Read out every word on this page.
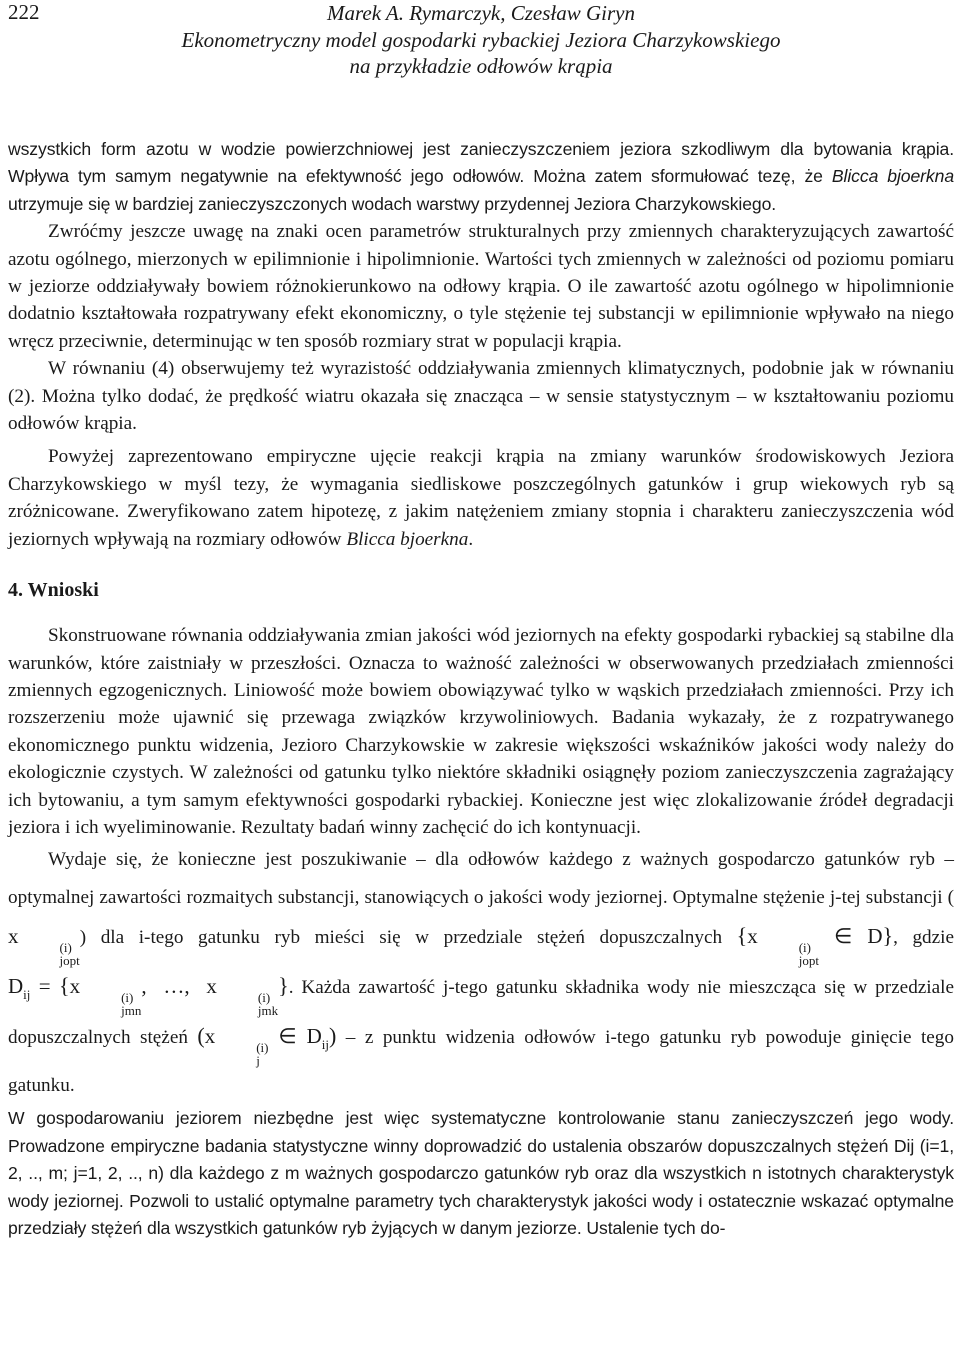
222	Marek A. Rymarczyk, Czesław Giryn
Ekonometryczny model gospodarki rybackiej Jeziora Charzykowskiego
na przykładzie odłowów krąpia

wszystkich form azotu w wodzie powierzchniowej jest zanieczyszczeniem jeziora szkodliwym dla bytowania krąpia. Wpływa tym samym negatywnie na efektywność jego odłowów. Można zatem sformułować tezę, że Blicca bjoerkna utrzymuje się w bardziej zanieczyszczonych wodach warstwy przydennej Jeziora Charzykowskiego.

Zwróćmy jeszcze uwagę na znaki ocen parametrów strukturalnych przy zmiennych charakteryzujących zawartość azotu ogólnego, mierzonych w epilimnionie i hipolimnionie. Wartości tych zmiennych w zależności od poziomu pomiaru w jeziorze oddziaływały bowiem różnokierunkowo na odłowy krąpia. O ile zawartość azotu ogólnego w hipolimnionie dodatnio kształtowała rozpatrywany efekt ekonomiczny, o tyle stężenie tej substancji w epilimnionie wpływało na niego wręcz przeciwnie, determinując w ten sposób rozmiary strat w populacji krąpia.

W równaniu (4) obserwujemy też wyrazistość oddziaływania zmiennych klimatycznych, podobnie jak w równaniu (2). Można tylko dodać, że prędkość wiatru okazała się znacząca – w sensie statystycznym – w kształtowaniu poziomu odłowów krąpia.

Powyżej zaprezentowano empiryczne ujęcie reakcji krąpia na zmiany warunków środowiskowych Jeziora Charzykowskiego w myśl tezy, że wymagania siedliskowe poszczególnych gatunków i grup wiekowych ryb są zróżnicowane. Zweryfikowano zatem hipotezę, z jakim natężeniem zmiany stopnia i charakteru zanieczyszczenia wód jeziornych wpływają na rozmiary odłowów Blicca bjoerkna.

4. Wnioski

Skonstruowane równania oddziaływania zmian jakości wód jeziornych na efekty gospodarki rybackiej są stabilne dla warunków, które zaistniały w przeszłości. Oznacza to ważność zależności w obserwowanych przedziałach zmienności zmiennych egzogenicznych. Liniowość może bowiem obowiązywać tylko w wąskich przedziałach zmienności. Przy ich rozszerzeniu może ujawnić się przewaga związków krzywoliniowych. Badania wykazały, że z rozpatrywanego ekonomicznego punktu widzenia, Jezioro Charzykowskie w zakresie większości wskaźników jakości wody należy do ekologicznie czystych. W zależności od gatunku tylko niektóre składniki osiągnęły poziom zanieczyszczenia zagrażający ich bytowaniu, a tym samym efektywności gospodarki rybackiej. Konieczne jest więc zlokalizowanie źródeł degradacji jeziora i ich wyeliminowanie. Rezultaty badań winny zachęcić do ich kontynuacji.

Wydaje się, że konieczne jest poszukiwanie – dla odłowów każdego z ważnych gospodarczo gatunków ryb – optymalnej zawartości rozmaitych substancji, stanowiących o jakości wody jeziornej. Optymalne stężenie j-tej substancji ( x	(i)
jopt
) dla i-tego gatunku ryb mieści się w przedziale stężeń dopuszczalnych {x	(i)
jopt
∈ D}, gdzie $D_{ij} = \{x$	(i)
jmn
, …, x	(i)
jmk
}. Każda zawartość j-tego gatunku składnika wody nie mieszcząca się w przedziale dopuszczalnych stężeń (x	(i)
j
∈ $D_{ij}$) – z punktu widzenia odłowów i-tego gatunku ryb powoduje ginięcie tego gatunku.

W gospodarowaniu jeziorem niezbędne jest więc systematyczne kontrolowanie stanu zanieczyszczeń jego wody. Prowadzone empiryczne badania statystyczne winny doprowadzić do ustalenia obszarów dopuszczalnych stężeń Dij (i=1, 2, .., m; j=1, 2, .., n) dla każdego z m ważnych gospodarczo gatunków ryb oraz dla wszystkich n istotnych charakterystyk wody jeziornej. Pozwoli to ustalić optymalne parametry tych charakterystyk jakości wody i ostatecznie wskazać optymalne przedziały stężeń dla wszystkich gatunków ryb żyjących w danym jeziorze. Ustalenie tych do-
